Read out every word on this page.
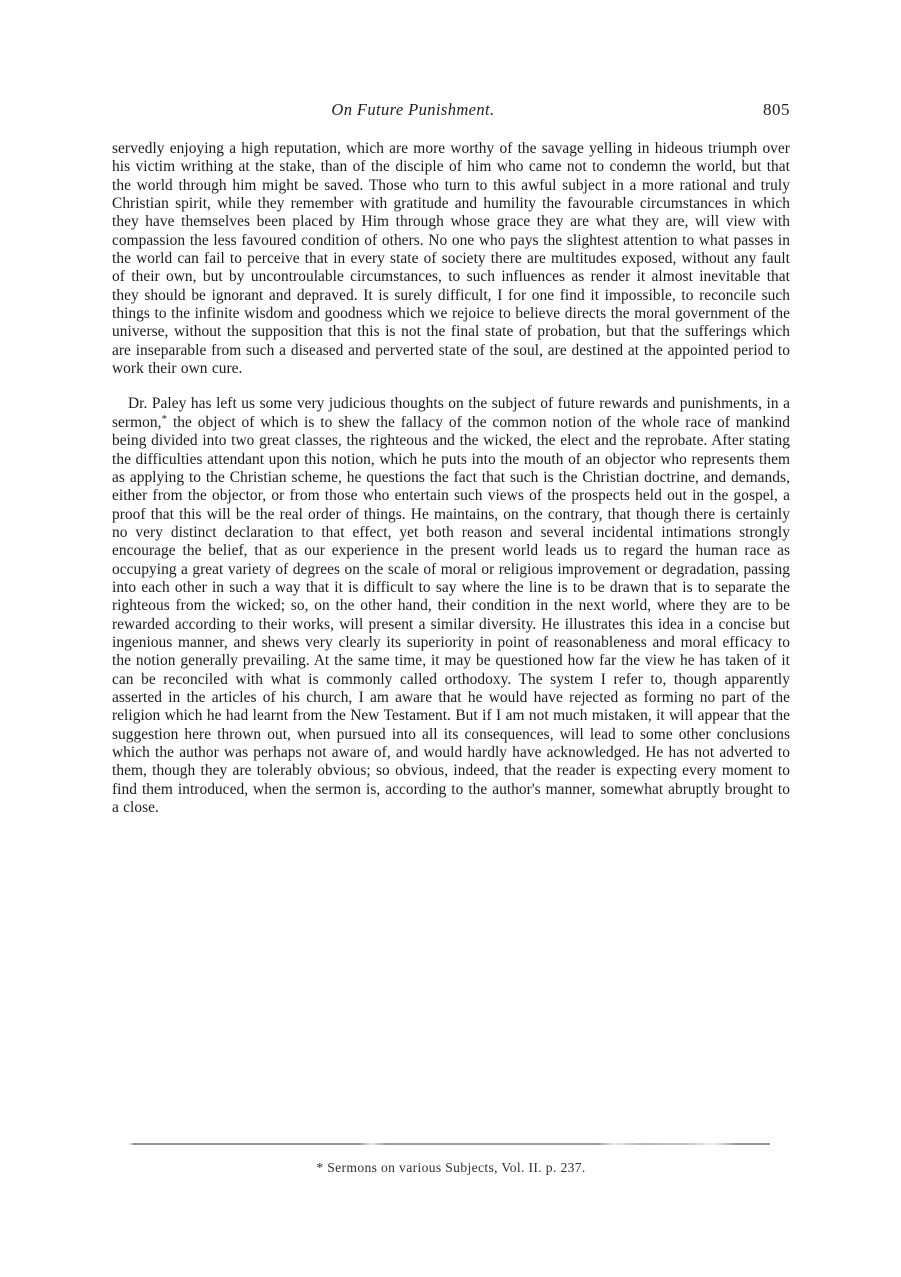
On Future Punishment.	805

servedly enjoying a high reputation, which are more worthy of the savage yelling in hideous triumph over his victim writhing at the stake, than of the disciple of him who came not to condemn the world, but that the world through him might be saved. Those who turn to this awful subject in a more rational and truly Christian spirit, while they remember with gratitude and humility the favourable circumstances in which they have themselves been placed by Him through whose grace they are what they are, will view with compassion the less favoured condition of others. No one who pays the slightest attention to what passes in the world can fail to perceive that in every state of society there are multitudes exposed, without any fault of their own, but by uncontroulable circumstances, to such influences as render it almost inevitable that they should be ignorant and depraved. It is surely difficult, I for one find it impossible, to reconcile such things to the infinite wisdom and goodness which we rejoice to believe directs the moral government of the universe, without the supposition that this is not the final state of probation, but that the sufferings which are inseparable from such a diseased and perverted state of the soul, are destined at the appointed period to work their own cure.

Dr. Paley has left us some very judicious thoughts on the subject of future rewards and punishments, in a sermon,* the object of which is to shew the fallacy of the common notion of the whole race of mankind being divided into two great classes, the righteous and the wicked, the elect and the reprobate. After stating the difficulties attendant upon this notion, which he puts into the mouth of an objector who represents them as applying to the Christian scheme, he questions the fact that such is the Christian doctrine, and demands, either from the objector, or from those who entertain such views of the prospects held out in the gospel, a proof that this will be the real order of things. He maintains, on the contrary, that though there is certainly no very distinct declaration to that effect, yet both reason and several incidental intimations strongly encourage the belief, that as our experience in the present world leads us to regard the human race as occupying a great variety of degrees on the scale of moral or religious improvement or degradation, passing into each other in such a way that it is difficult to say where the line is to be drawn that is to separate the righteous from the wicked; so, on the other hand, their condition in the next world, where they are to be rewarded according to their works, will present a similar diversity. He illustrates this idea in a concise but ingenious manner, and shews very clearly its superiority in point of reasonableness and moral efficacy to the notion generally prevailing. At the same time, it may be questioned how far the view he has taken of it can be reconciled with what is commonly called orthodoxy. The system I refer to, though apparently asserted in the articles of his church, I am aware that he would have rejected as forming no part of the religion which he had learnt from the New Testament. But if I am not much mistaken, it will appear that the suggestion here thrown out, when pursued into all its consequences, will lead to some other conclusions which the author was perhaps not aware of, and would hardly have acknowledged. He has not adverted to them, though they are tolerably obvious; so obvious, indeed, that the reader is expecting every moment to find them introduced, when the sermon is, according to the author's manner, somewhat abruptly brought to a close.

* Sermons on various Subjects, Vol. II. p. 237.
